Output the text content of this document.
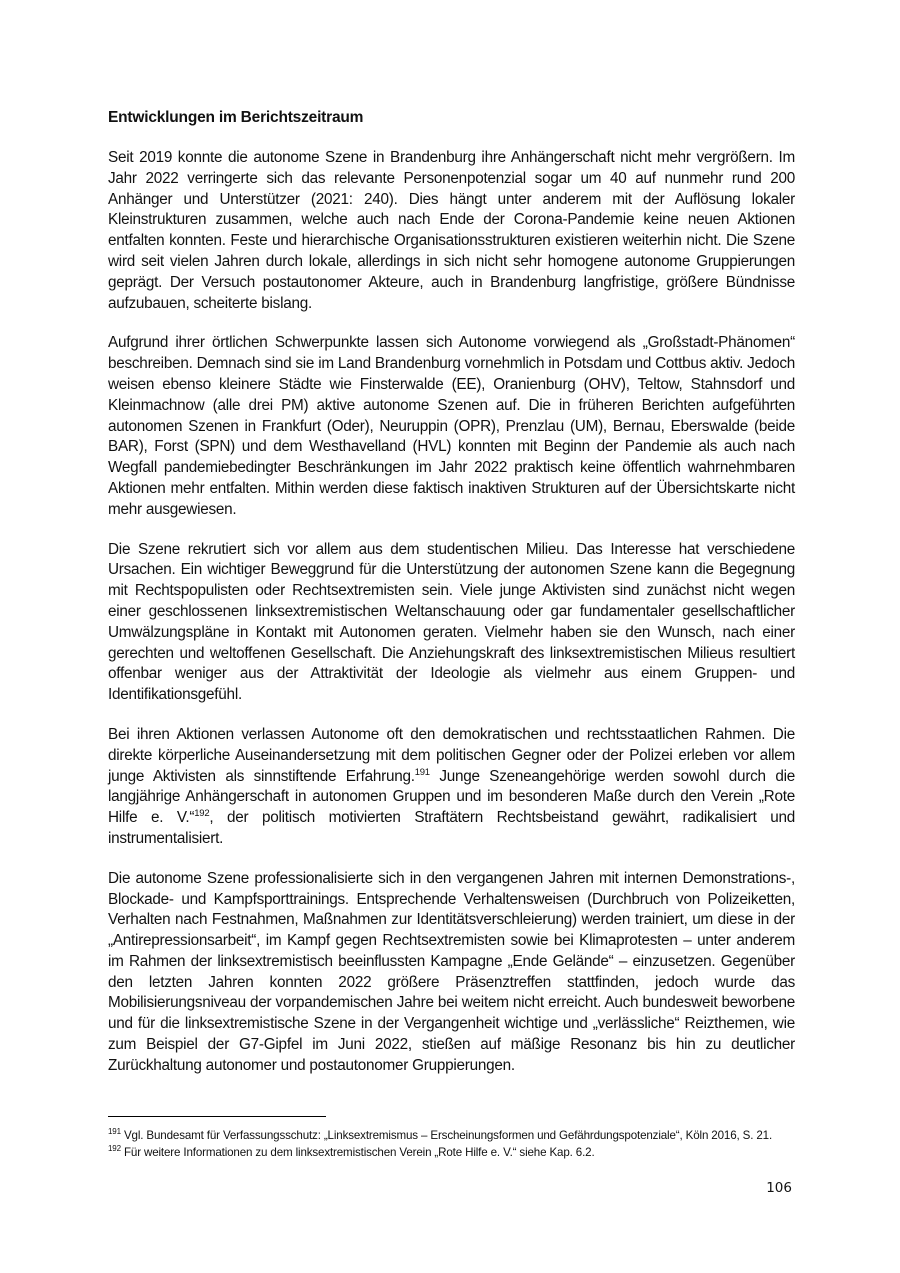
Entwicklungen im Berichtszeitraum

Seit 2019 konnte die autonome Szene in Brandenburg ihre Anhängerschaft nicht mehr vergrößern. Im Jahr 2022 verringerte sich das relevante Personenpotenzial sogar um 40 auf nunmehr rund 200 Anhänger und Unterstützer (2021: 240). Dies hängt unter anderem mit der Auflösung lokaler Kleinstrukturen zusammen, welche auch nach Ende der Corona-Pandemie keine neuen Aktionen entfalten konnten. Feste und hierarchische Organisationsstrukturen existieren weiterhin nicht. Die Szene wird seit vielen Jahren durch lokale, allerdings in sich nicht sehr homogene autonome Gruppierungen geprägt. Der Versuch postautonomer Akteure, auch in Brandenburg langfristige, größere Bündnisse aufzubauen, scheiterte bislang.

Aufgrund ihrer örtlichen Schwerpunkte lassen sich Autonome vorwiegend als „Großstadt-Phänomen“ beschreiben. Demnach sind sie im Land Brandenburg vornehmlich in Potsdam und Cottbus aktiv. Jedoch weisen ebenso kleinere Städte wie Finsterwalde (EE), Oranienburg (OHV), Teltow, Stahnsdorf und Kleinmachnow (alle drei PM) aktive autonome Szenen auf. Die in früheren Berichten aufgeführten autonomen Szenen in Frankfurt (Oder), Neuruppin (OPR), Prenzlau (UM), Bernau, Eberswalde (beide BAR), Forst (SPN) und dem Westhavelland (HVL) konnten mit Beginn der Pandemie als auch nach Wegfall pandemiebedingter Beschränkungen im Jahr 2022 praktisch keine öffentlich wahrnehmbaren Aktionen mehr entfalten. Mithin werden diese faktisch inaktiven Strukturen auf der Übersichtskarte nicht mehr ausgewiesen.

Die Szene rekrutiert sich vor allem aus dem studentischen Milieu. Das Interesse hat verschiedene Ursachen. Ein wichtiger Beweggrund für die Unterstützung der autonomen Szene kann die Begegnung mit Rechtspopulisten oder Rechtsextremisten sein. Viele junge Aktivisten sind zunächst nicht wegen einer geschlossenen linksextremistischen Weltanschauung oder gar fundamentaler gesellschaftlicher Umwälzungspläne in Kontakt mit Autonomen geraten. Vielmehr haben sie den Wunsch, nach einer gerechten und weltoffenen Gesellschaft. Die Anziehungskraft des linksextremistischen Milieus resultiert offenbar weniger aus der Attraktivität der Ideologie als vielmehr aus einem Gruppen- und Identifikationsgefühl.

Bei ihren Aktionen verlassen Autonome oft den demokratischen und rechtsstaatlichen Rahmen. Die direkte körperliche Auseinandersetzung mit dem politischen Gegner oder der Polizei erleben vor allem junge Aktivisten als sinnstiftende Erfahrung.$^{191}$ Junge Szeneangehörige werden sowohl durch die langjährige Anhängerschaft in autonomen Gruppen und im besonderen Maße durch den Verein „Rote Hilfe e. V.“$^{192}$, der politisch motivierten Straftätern Rechtsbeistand gewährt, radikalisiert und instrumentalisiert.

Die autonome Szene professionalisierte sich in den vergangenen Jahren mit internen Demonstrations-, Blockade- und Kampfsporttrainings. Entsprechende Verhaltensweisen (Durchbruch von Polizeiketten, Verhalten nach Festnahmen, Maßnahmen zur Identitätsverschleierung) werden trainiert, um diese in der „Antirepressionsarbeit“, im Kampf gegen Rechtsextremisten sowie bei Klimaprotesten – unter anderem im Rahmen der linksextremistisch beeinflussten Kampagne „Ende Gelände“ – einzusetzen. Gegenüber den letzten Jahren konnten 2022 größere Präsenztreffen stattfinden, jedoch wurde das Mobilisierungsniveau der vorpandemischen Jahre bei weitem nicht erreicht. Auch bundesweit beworbene und für die linksextremistische Szene in der Vergangenheit wichtige und „verlässliche“ Reizthemen, wie zum Beispiel der G7-Gipfel im Juni 2022, stießen auf mäßige Resonanz bis hin zu deutlicher Zurückhaltung autonomer und postautonomer Gruppierungen.

$^{191}$ Vgl. Bundesamt für Verfassungsschutz: „Linksextremismus – Erscheinungsformen und Gefährdungspotenziale“, Köln 2016, S. 21.

$^{192}$ Für weitere Informationen zu dem linksextremistischen Verein „Rote Hilfe e. V.“ siehe Kap. 6.2.

106
